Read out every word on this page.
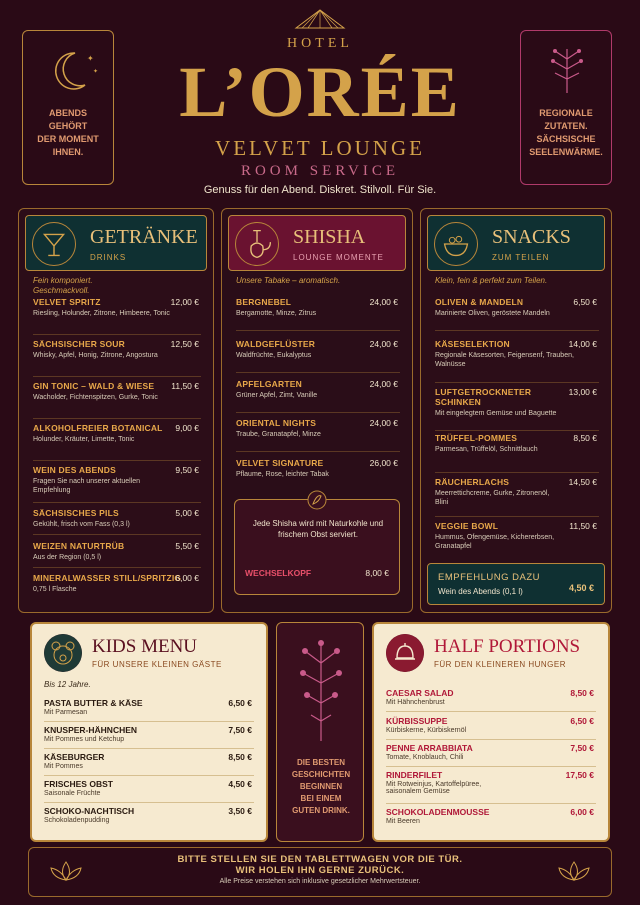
HOTEL
L’ORÉE
VELVET LOUNGE
ROOM SERVICE
Genuss für den Abend. Diskret. Stilvoll. Für Sie.
✦
✦
ABENDS
GEHÖRT
DER MOMENT
IHNEN.
REGIONALE
ZUTATEN.
SÄCHSISCHE
SEELENWÄRME.
GETRÄNKE
DRINKS
Fein komponiert. Geschmackvoll.
VELVET SPRITZ	12,00 €
Riesling, Holunder, Zitrone, Himbeere, Tonic
SÄCHSISCHER SOUR	12,50 €
Whisky, Apfel, Honig, Zitrone, Angostura
GIN TONIC – WALD & WIESE	11,50 €
Wacholder, Fichtenspitzen, Gurke, Tonic
ALKOHOLFREIER BOTANICAL	9,00 €
Holunder, Kräuter, Limette, Tonic
WEIN DES ABENDS	9,50 €
Fragen Sie nach unserer aktuellen Empfehlung
SÄCHSISCHES PILS	5,00 €
Gekühlt, frisch vom Fass (0,3 l)
WEIZEN NATURTRÜB	5,50 €
Aus der Region (0,5 l)
MINERALWASSER STILL/SPRITZIG
6,00 €
0,75 l Flasche
SHISHA
LOUNGE MOMENTE
Unsere Tabake – aromatisch.
BERGNEBEL	24,00 €
Bergamotte, Minze, Zitrus
WALDGEFLÜSTER	24,00 €
Waldfrüchte, Eukalyptus
APFELGARTEN	24,00 €
Grüner Apfel, Zimt, Vanille
ORIENTAL NIGHTS	24,00 €
Traube, Granatapfel, Minze
VELVET SIGNATURE	26,00 €
Pflaume, Rose, leichter Tabak
Jede Shisha wird mit Naturkohle und frischem Obst serviert.
WECHSELKOPF	8,00 €
SNACKS
ZUM TEILEN
Klein, fein & perfekt zum Teilen.
OLIVEN & MANDELN	6,50 €
Marinierte Oliven, geröstete Mandeln
KÄSESELEKTION	14,00 €
Regionale Käsesorten, Feigensenf, Trauben, Walnüsse
LUFTGETROCKNETER SCHINKEN
13,00 €
Mit eingelegtem Gemüse und Baguette
TRÜFFEL-POMMES	8,50 €
Parmesan, Trüffelöl, Schnittlauch
RÄUCHERLACHS	14,50 €
Meerrettichcreme, Gurke, Zitronenöl, Blini
VEGGIE BOWL	11,50 €
Hummus, Ofengemüse, Kichererbsen, Granatapfel
EMPFEHLUNG DAZU
Wein des Abends (0,1 l)	4,50 €
KIDS MENU
FÜR UNSERE KLEINEN GÄSTE
Bis 12 Jahre.
PASTA BUTTER & KÄSE	6,50 €
Mit Parmesan
KNUSPER-HÄHNCHEN	7,50 €
Mit Pommes und Ketchup
KÄSEBURGER	8,50 €
Mit Pommes
FRISCHES OBST	4,50 €
Saisonale Früchte
SCHOKO-NACHTISCH	3,50 €
Schokoladenpudding
DIE BESTEN
GESCHICHTEN
BEGINNEN
BEI EINEM
GUTEN DRINK.
HALF PORTIONS
FÜR DEN KLEINEREN HUNGER
CAESAR SALAD	8,50 €
Mit Hähnchenbrust
KÜRBISSUPPE	6,50 €
Kürbiskerne, Kürbiskernöl
PENNE ARRABBIATA	7,50 €
Tomate, Knoblauch, Chili
RINDERFILET	17,50 €
Mit Rotweinjus, Kartoffelpüree, saisonalem Gemüse
SCHOKOLADENMOUSSE	6,00 €
Mit Beeren
BITTE STELLEN SIE DEN TABLETTWAGEN VOR DIE TÜR.
WIR HOLEN IHN GERNE ZURÜCK.
Alle Preise verstehen sich inklusive gesetzlicher Mehrwertsteuer.
